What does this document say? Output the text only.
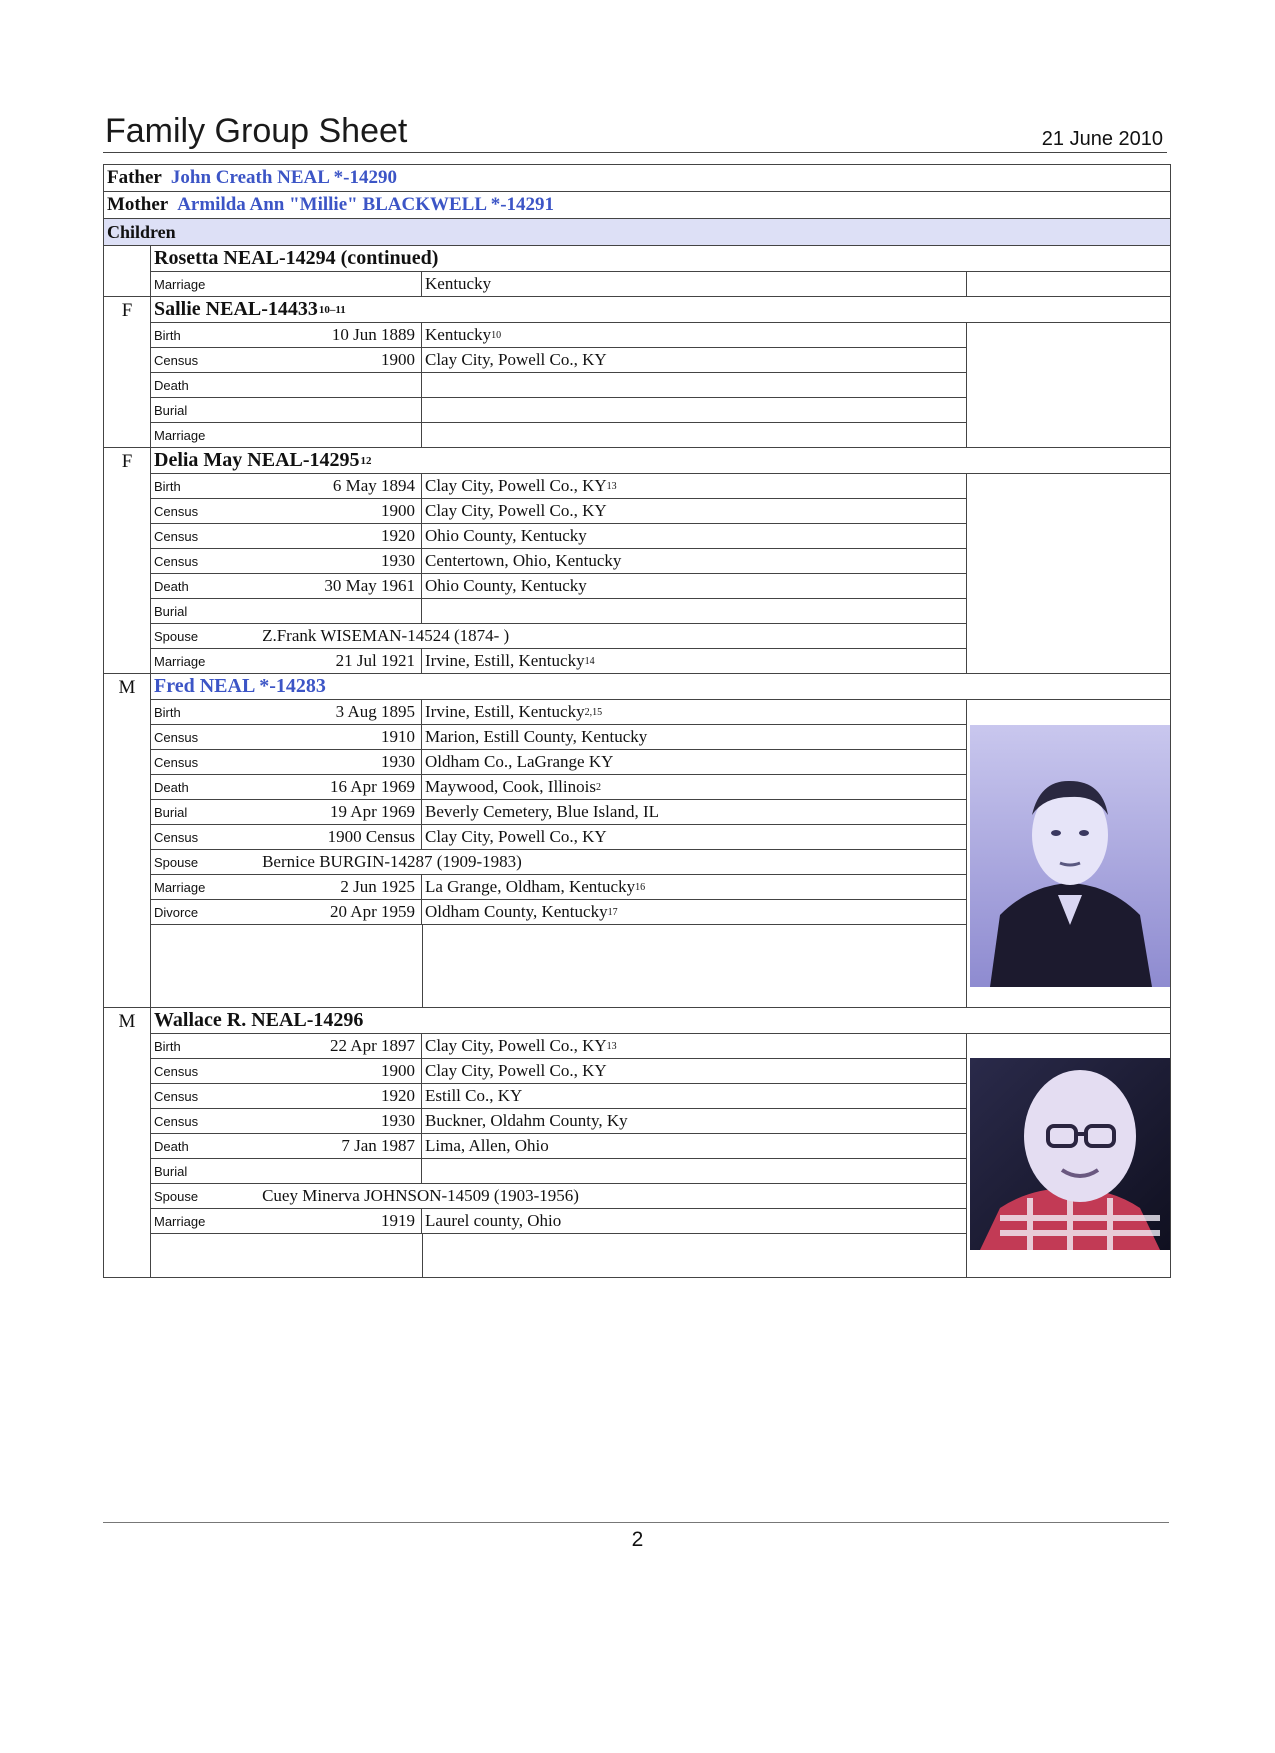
Family Group Sheet	21 June 2010
Father John Creath NEAL *-14290
Mother Armilda Ann "Millie" BLACKWELL *-14291
Children
Rosetta NEAL-14294 (continued)
Marriage	Kentucky
F	Sallie NEAL-14433 10–11
Birth	10 Jun 1889 Kentucky 10
Census	1900 Clay City, Powell Co., KY
Death
Burial
Marriage
F	Delia May NEAL-14295 12
Birth	6 May 1894 Clay City, Powell Co., KY 13
Census	1900 Clay City, Powell Co., KY
Census	1920 Ohio County, Kentucky
Census	1930 Centertown, Ohio, Kentucky
Death	30 May 1961 Ohio County, Kentucky
Burial
Spouse	Z.Frank WISEMAN-14524 (1874- )
Marriage	21 Jul 1921 Irvine, Estill, Kentucky 14
M Fred NEAL *-14283
Birth	3 Aug 1895 Irvine, Estill, Kentucky 2,15
Census	1910 Marion, Estill County, Kentucky
Census	1930 Oldham Co., LaGrange KY
Death	16 Apr 1969 Maywood, Cook, Illinois 2
Burial	19 Apr 1969 Beverly Cemetery, Blue Island, IL
Census	1900 Census Clay City, Powell Co., KY
Spouse	Bernice BURGIN-14287 (1909-1983)
Marriage	2 Jun 1925 La Grange, Oldham, Kentucky 16
Divorce	20 Apr 1959 Oldham County, Kentucky 17
M Wallace R. NEAL-14296
Birth	22 Apr 1897 Clay City, Powell Co., KY 13
Census	1900 Clay City, Powell Co., KY
Census	1920 Estill Co., KY
Census	1930 Buckner, Oldahm County, Ky
Death	7 Jan 1987 Lima, Allen, Ohio
Burial
Spouse	Cuey Minerva JOHNSON-14509 (1903-1956)
Marriage	1919 Laurel county, Ohio
2
